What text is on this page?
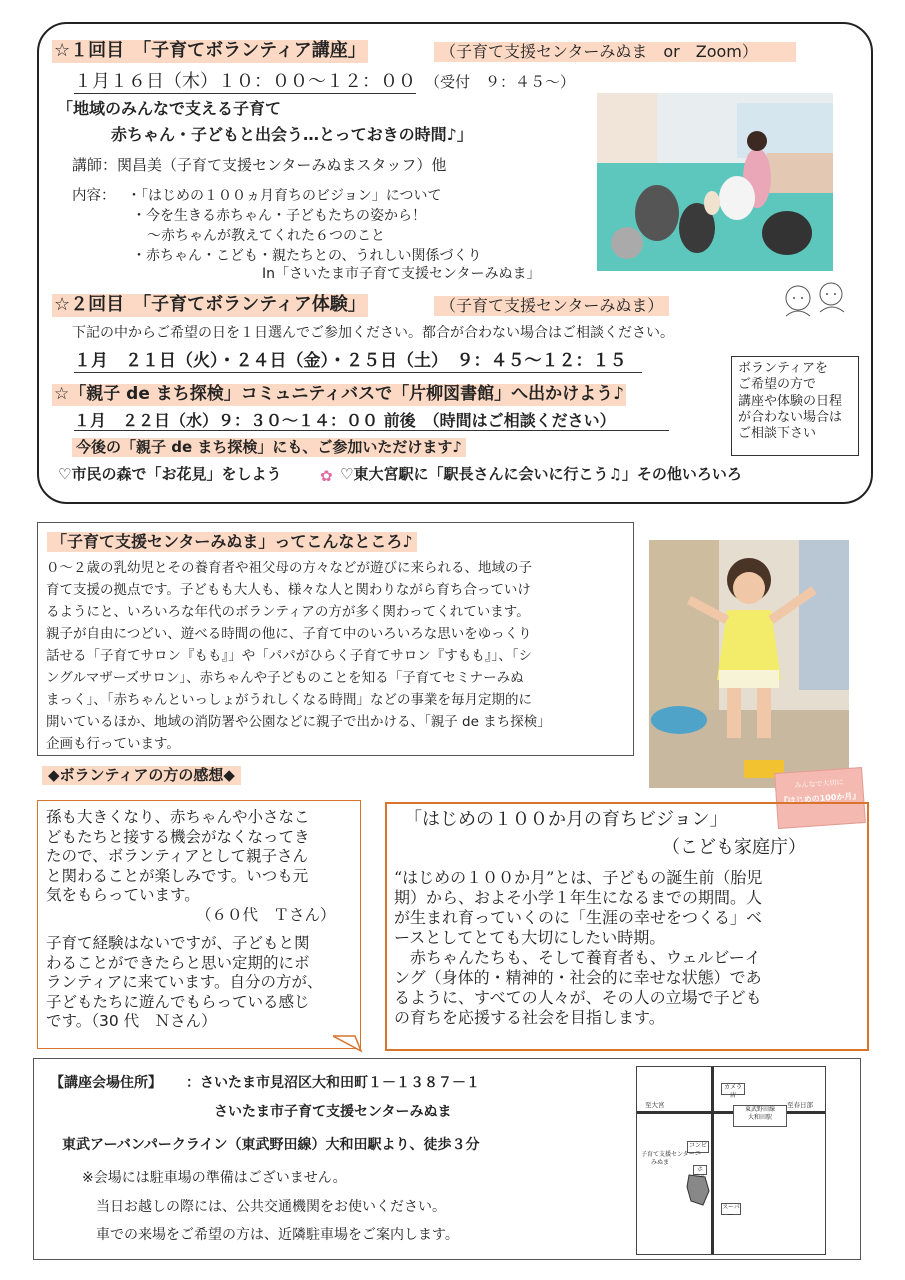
☆１回目　「子育てボランティア講座」	（子育て支援センターみぬま　or　Zoom）
１月１６日（木）１０：００～１２：００ （受付　９：４５～）
「地域のみんなで支える子育て
赤ちゃん・子どもと出会う…とっておきの時間♪」
講師：関昌美（子育て支援センターみぬまスタッフ）他
内容： ・「はじめの１００ヵ月育ちのビジョン」について
・今を生きる赤ちゃん・子どもたちの姿から！
～赤ちゃんが教えてくれた６つのこと
・赤ちゃん・こども・親たちとの、うれしい関係づくり
In「さいたま市子育て支援センターみぬま」
☆２回目　「子育てボランティア体験」	（子育て支援センターみぬま）
下記の中からご希望の日を１日選んでご参加ください。都合が合わない場合はご相談ください。
１月　２１日（火）・２４日（金）・２５日（土）　９：４５～１２：１５	ボランティアを
ご希望の方で
講座や体験の日程
が合わない場合は
ご相談下さい
☆「親子 de まち探検」コミュニティバスで「片柳図書館」へ出かけよう♪
１月　２２日（水）９：３０～１４：００ 前後　（時間はご相談ください）
今後の「親子 de まち探検」にも、ご参加いただけます♪
♡市民の森で「お花見」をしよう	✿ ♡東大宮駅に「駅長さんに会いに行こう♫」その他いろいろ
「子育て支援センターみぬま」ってこんなところ♪
０～２歳の乳幼児とその養育者や祖父母の方々などが遊びに来られる、地域の子
育て支援の拠点です。子どもも大人も、様々な人と関わりながら育ち合っていけ
るようにと、いろいろな年代のボランティアの方が多く関わってくれています。
親子が自由につどい、遊べる時間の他に、子育て中のいろいろな思いをゆっくり
話せる「子育てサロン『もも』」や「パパがひらく子育てサロン『すもも』」、「シ
ングルマザーズサロン」、赤ちゃんや子どものことを知る「子育てセミナーみぬ
まっく」、「赤ちゃんといっしょがうれしくなる時間」などの事業を毎月定期的に
開いているほか、地域の消防署や公園などに親子で出かける、「親子 de まち探検」
企画も行っています。
◆ボランティアの方の感想◆
孫も大きくなり、赤ちゃんや小さなこ
どもたちと接する機会がなくなってき
たので、ボランティアとして親子さん
と関わることが楽しみです。いつも元
気をもらっています。
（６０代　Ｔさん）
子育て経験はないですが、子どもと関
わることができたらと思い定期的にボ
ランティアに来ています。自分の方が、
子どもたちに遊んでもらっている感じ
です。（30 代　Ｎさん）
みんなで大切に
『はじめの100か月』
「はじめの１００か月の育ちビジョン」
（こども家庭庁）
“はじめの１００か月”とは、子どもの誕生前（胎児
期）から、およそ小学１年生になるまでの期間。人
が生まれ育っていくのに「生涯の幸せをつくる」ベ
ースとしてとても大切にしたい時期。
　赤ちゃんたちも、そして養育者も、ウェルビーイ
ング（身体的・精神的・社会的に幸せな状態）であ
るように、すべての人々が、その人の立場で子ども
の育ちを応援する社会を目指します。
【講座会場住所】 ：さいたま市見沼区大和田町１－１３８７－１
さいたま市子育て支援センターみぬま
東武アーバンパークライン（東武野田線）大和田駅より、徒歩３分
※会場には駐車場の準備はございません。
当日お越しの際には、公共交通機関をお使いください。
車での来場をご希望の方は、近隣駐車場をご案内します。
カメラ店
至大宮	至春日部
東武野田線
大和田駅
コンビニ
子育て支援センター
みぬま
ホ
スーパー
